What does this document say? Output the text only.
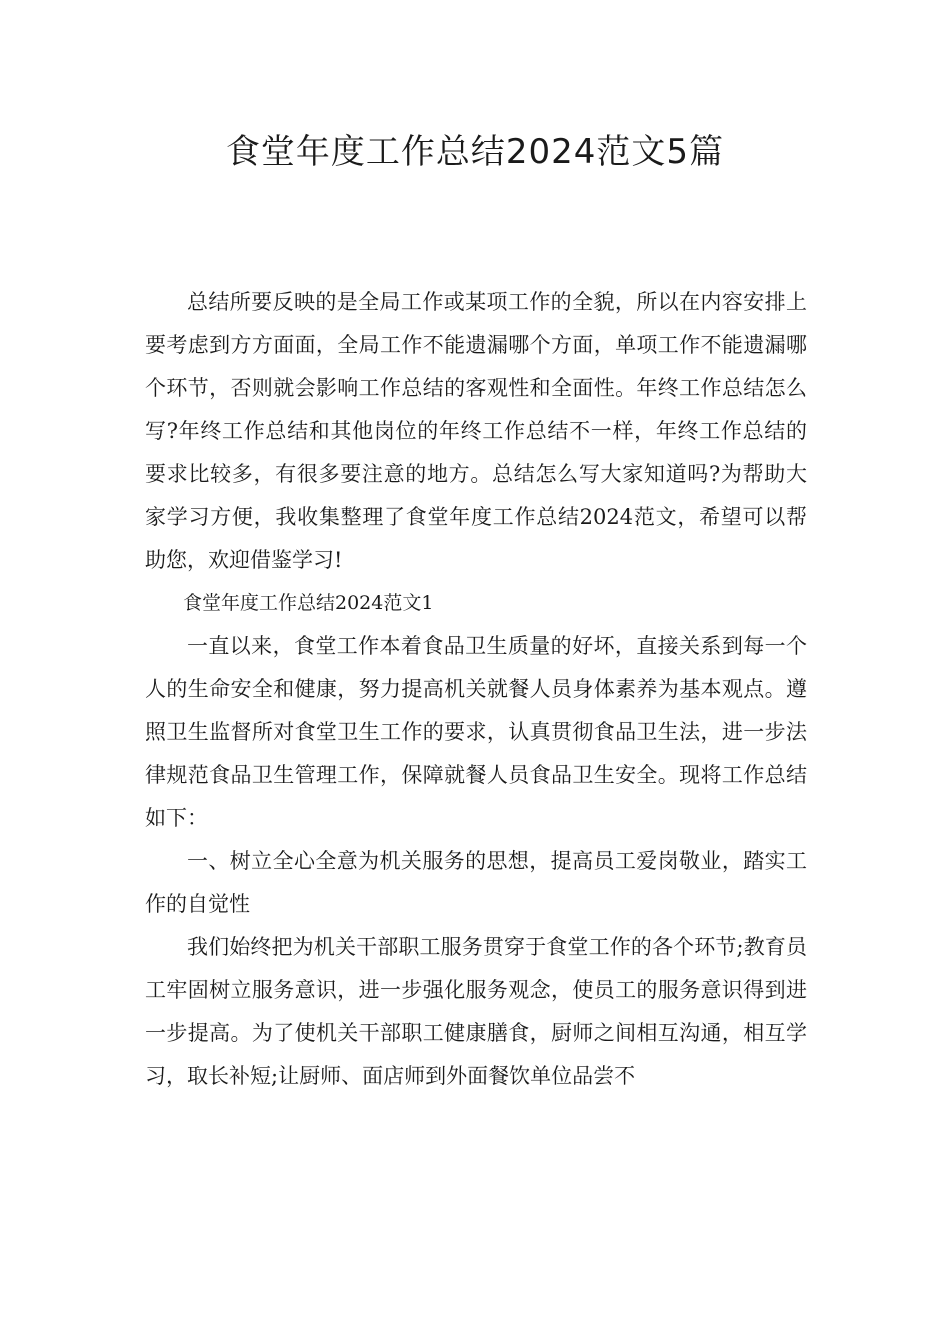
食堂年度工作总结2024范文5篇

总结所要反映的是全局工作或某项工作的全貌，所以在内容安排上要考虑到方方面面，全局工作不能遗漏哪个方面，单项工作不能遗漏哪个环节，否则就会影响工作总结的客观性和全面性。年终工作总结怎么写?年终工作总结和其他岗位的年终工作总结不一样，年终工作总结的要求比较多，有很多要注意的地方。总结怎么写大家知道吗?为帮助大家学习方便，我收集整理了食堂年度工作总结2024范文，希望可以帮助您，欢迎借鉴学习!

食堂年度工作总结2024范文1

一直以来，食堂工作本着食品卫生质量的好坏，直接关系到每一个人的生命安全和健康，努力提高机关就餐人员身体素养为基本观点。遵照卫生监督所对食堂卫生工作的要求，认真贯彻食品卫生法，进一步法律规范食品卫生管理工作，保障就餐人员食品卫生安全。现将工作总结如下：

一、树立全心全意为机关服务的思想，提高员工爱岗敬业，踏实工作的自觉性

我们始终把为机关干部职工服务贯穿于食堂工作的各个环节;教育员工牢固树立服务意识，进一步强化服务观念，使员工的服务意识得到进一步提高。为了使机关干部职工健康膳食，厨师之间相互沟通，相互学习，取长补短;让厨师、面店师到外面餐饮单位品尝不
